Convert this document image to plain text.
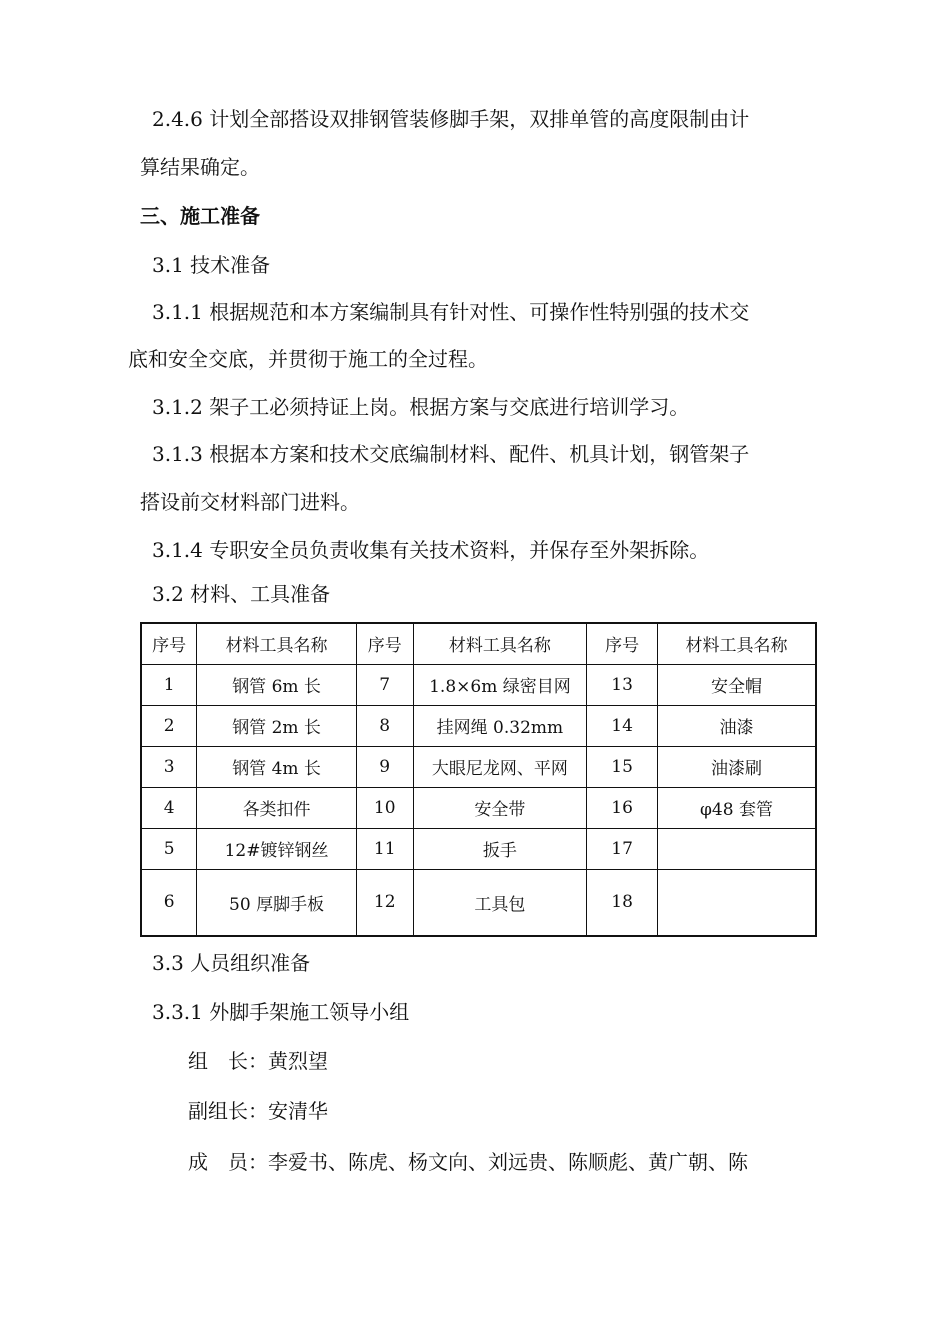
2.4.6 计划全部搭设双排钢管装修脚手架，双排单管的高度限制由计
算结果确定。
三、施工准备
3.1 技术准备
3.1.1 根据规范和本方案编制具有针对性、可操作性特别强的技术交
底和安全交底，并贯彻于施工的全过程。
3.1.2 架子工必须持证上岗。根据方案与交底进行培训学习。
3.1.3 根据本方案和技术交底编制材料、配件、机具计划，钢管架子
搭设前交材料部门进料。
3.1.4 专职安全员负责收集有关技术资料，并保存至外架拆除。
3.2 材料、工具准备
序号	材料工具名称	序号	材料工具名称	序号	材料工具名称
1	钢管 6m 长	7	1.8×6m 绿密目网	13	安全帽
2	钢管 2m 长	8	挂网绳 0.32mm	14	油漆
3	钢管 4m 长	9	大眼尼龙网、平网	15	油漆刷
4	各类扣件	10	安全带	16	φ48 套管
5	12#镀锌钢丝	11	扳手	17	
6	50 厚脚手板	12	工具包	18	
3.3 人员组织准备
3.3.1 外脚手架施工领导小组
组　长：黄烈望
副组长：安清华
成　员：李爱书、陈虎、杨文向、刘远贵、陈顺彪、黄广朝、陈
